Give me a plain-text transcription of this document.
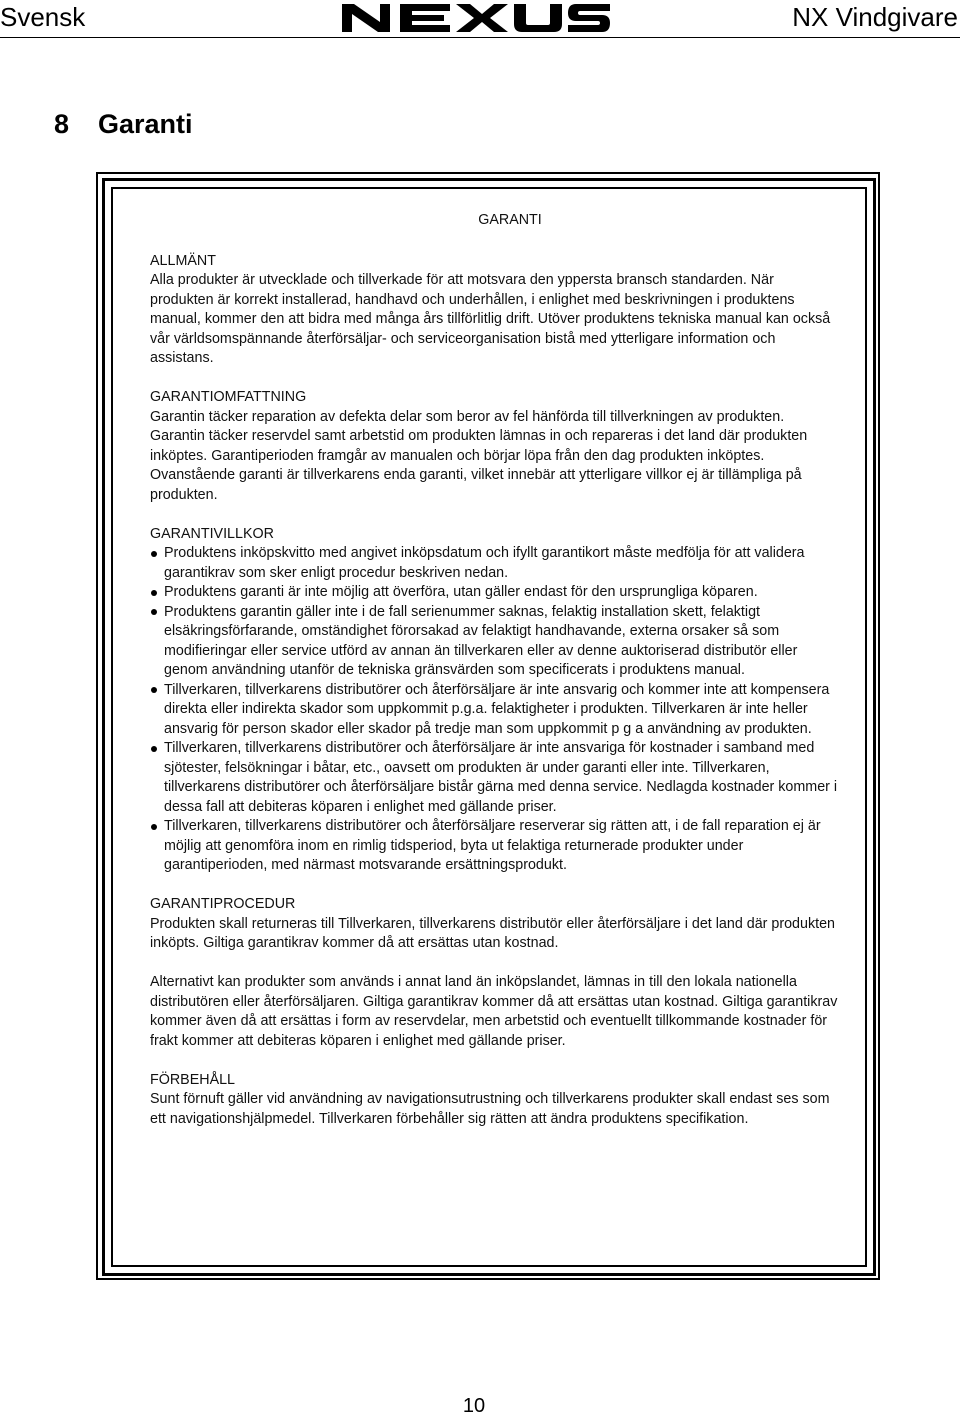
Svensk	NX Vindgivare
8 Garanti
GARANTI
ALLMÄNT
Alla produkter är utvecklade och tillverkade för att motsvara den yppersta bransch standarden. När produkten är korrekt installerad, handhavd och underhållen, i enlighet med beskrivningen i produktens manual, kommer den att bidra med många års tillförlitlig drift. Utöver produktens tekniska manual kan också vår världsomspännande återförsäljar- och serviceorganisation bistå med ytterligare information och assistans.
GARANTIOMFATTNING
Garantin täcker reparation av defekta delar som beror av fel hänförda till tillverkningen av produkten.
Garantin täcker reservdel samt arbetstid om produkten lämnas in och repareras i det land där produkten inköptes. Garantiperioden framgår av manualen och börjar löpa från den dag produkten inköptes. Ovanstående garanti är tillverkarens enda garanti, vilket innebär att ytterligare villkor ej är tillämpliga på produkten.
GARANTIVILLKOR
Produktens inköpskvitto med angivet inköpsdatum och ifyllt garantikort måste medfölja för att validera garantikrav som sker enligt procedur beskriven nedan.
Produktens garanti är inte möjlig att överföra, utan gäller endast för den ursprungliga köparen.
Produktens garantin gäller inte i de fall serienummer saknas, felaktig installation skett, felaktigt elsäkringsförfarande, omständighet förorsakad av felaktigt handhavande, externa orsaker så som modifieringar eller service utförd av annan än tillverkaren eller av denne auktoriserad distributör eller genom användning utanför de tekniska gränsvärden som specificerats i produktens manual.
Tillverkaren, tillverkarens distributörer och återförsäljare är inte ansvarig och kommer inte att kompensera direkta eller indirekta skador som uppkommit p.g.a. felaktigheter i produkten. Tillverkaren är inte heller ansvarig för person skador eller skador på tredje man som uppkommit p g a användning av produkten.
Tillverkaren, tillverkarens distributörer och återförsäljare är inte ansvariga för kostnader i samband med sjötester, felsökningar i båtar, etc., oavsett om produkten är under garanti eller inte. Tillverkaren, tillverkarens distributörer och återförsäljare bistår gärna med denna service. Nedlagda kostnader kommer i dessa fall att debiteras köparen i enlighet med gällande priser.
Tillverkaren, tillverkarens distributörer och återförsäljare reserverar sig rätten att, i de fall reparation ej är möjlig att genomföra inom en rimlig tidsperiod, byta ut felaktiga returnerade produkter under garantiperioden, med närmast motsvarande ersättningsprodukt.
GARANTIPROCEDUR
Produkten skall returneras till Tillverkaren, tillverkarens distributör eller återförsäljare i det land där produkten inköpts. Giltiga garantikrav kommer då att ersättas utan kostnad.
Alternativt kan produkter som används i annat land än inköpslandet, lämnas in till den lokala nationella distributören eller återförsäljaren. Giltiga garantikrav kommer då att ersättas utan kostnad. Giltiga garantikrav kommer även då att ersättas i form av reservdelar, men arbetstid och eventuellt tillkommande kostnader för frakt kommer att debiteras köparen i enlighet med gällande priser.
FÖRBEHÅLL
Sunt förnuft gäller vid användning av navigationsutrustning och tillverkarens produkter skall endast ses som ett navigationshjälpmedel. Tillverkaren förbehåller sig rätten att ändra produktens specifikation.
10
